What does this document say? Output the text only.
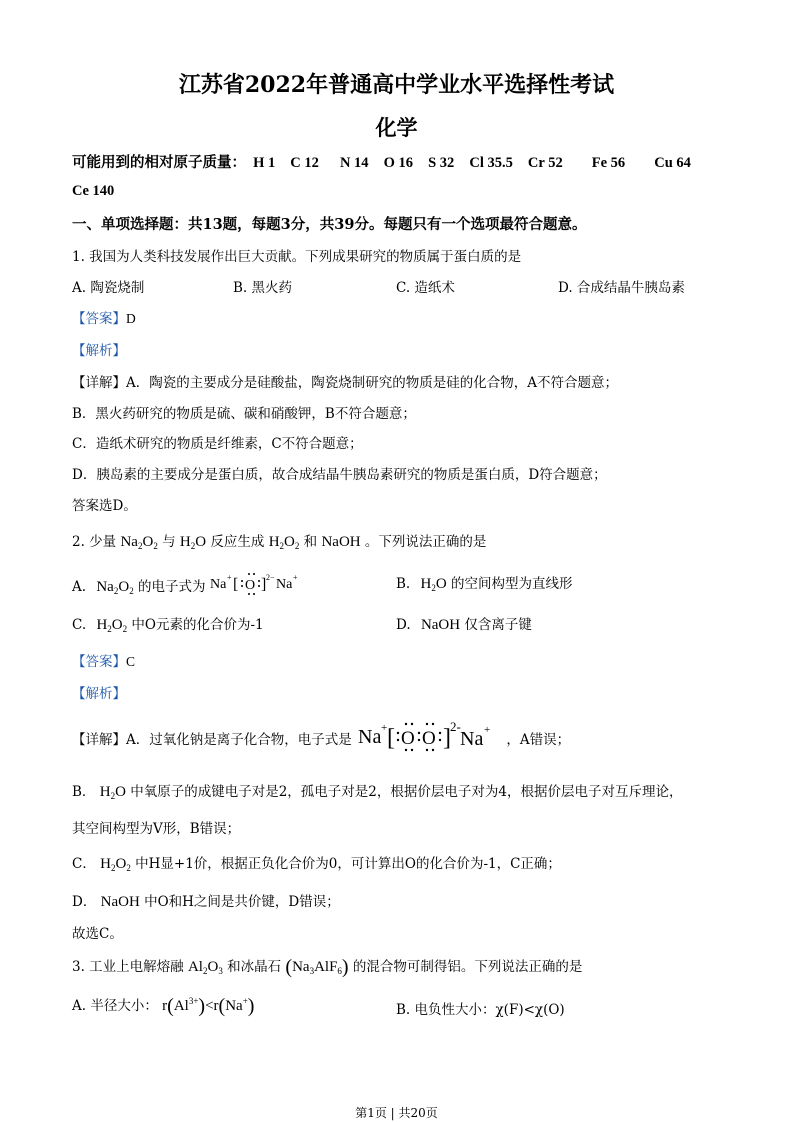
江苏省2022年普通高中学业水平选择性考试
化学
可能用到的相对原子质量： H 1 C 12 N 14 O 16 S 32 Cl 35.5 Cr 52 Fe 56 Cu 64
Ce 140
一、单项选择题：共13题，每题3分，共39分。每题只有一个选项最符合题意。
1. 我国为人类科技发展作出巨大贡献。下列成果研究的物质属于蛋白质的是
A. 陶瓷烧制	B. 黑火药	C. 造纸术	D. 合成结晶牛胰岛素
【答案】D
【解析】
【详解】A．陶瓷的主要成分是硅酸盐，陶瓷烧制研究的物质是硅的化合物，A不符合题意；
B．黑火药研究的物质是硫、碳和硝酸钾，B不符合题意；
C．造纸术研究的物质是纤维素，C不符合题意；
D．胰岛素的主要成分是蛋白质，故合成结晶牛胰岛素研究的物质是蛋白质，D符合题意；
答案选D。
2. 少量 $Na_2O_2$ 与 $H_2O$ 反应生成 $H_2O_2$ 和 NaOH 。下列说法正确的是
A. $Na_2O_2$ 的电子式为 Na + [ O ] 2− Na +	B. $H_2O$ 的空间构型为直线形
C. $H_2O_2$ 中O元素的化合价为-1	D. NaOH 仅含离子键
【答案】C
【解析】
【详解】A．过氧化钠是离子化合物，电子式是 Na + [ O O ] 2-
Na +
，A错误；
B． $H_2O$ 中氧原子的成键电子对是2，孤电子对是2，根据价层电子对为4，根据价层电子对互斥理论，
其空间构型为V形，B错误；
C． $H_2O_2$ 中H显+1价，根据正负化合价为0，可计算出O的化合价为-1，C正确；
D． NaOH 中O和H之间是共价键，D错误；
故选C。
3. 工业上电解熔融 $Al_2O_3$ 和冰晶石 $(Na_3AlF_6)$ 的混合物可制得铝。下列说法正确的是
A. 半径大小： $r(Al^{3+})<r(Na^+)$	B. 电负性大小：χ(F)<χ(O)
第1页 | 共20页
